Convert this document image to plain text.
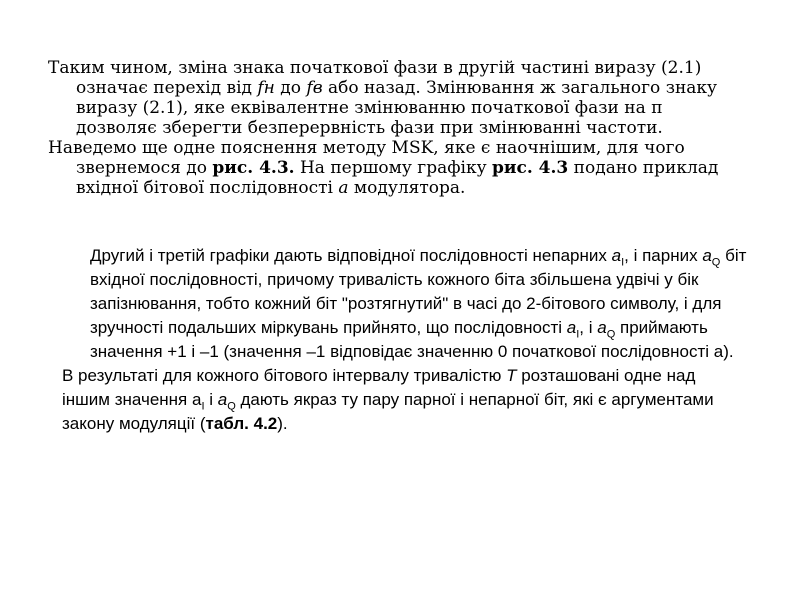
Таким чином, зміна знака початкової фази в другій частині виразу (2.1) означає перехід від fн до fв або назад. Змінювання ж загального знаку виразу (2.1), яке еквівалентне змінюванню початкової фази на π дозволяє зберегти безперервність фази при змінюванні частоти.

Наведемо ще одне пояснення методу MSK, яке є наочнішим, для чого звернемося до рис. 4.3. На першому графіку рис. 4.3 подано приклад вхідної бітової послідовності a модулятора.

Другий і третій графіки дають відповідної послідовності непарних $a_I$, і парних $a_Q$ біт вхідної послідовності, причому тривалість кожного біта збільшена удвічі у бік запізнювання, тобто кожний біт "розтягнутий" в часі до 2-бітового символу, і для зручності подальших міркувань прийнято, що послідовності $a_I$, і $a_Q$ приймають значення +1 і –1 (значення –1 відповідає значенню 0 початкової послідовності а).

В результаті для кожного бітового інтервалу тривалістю T розташовані одне над іншим значення $а_I$ і $a_Q$ дають якраз ту пару парної і непарної біт, які є аргументами закону модуляції (табл. 4.2).
